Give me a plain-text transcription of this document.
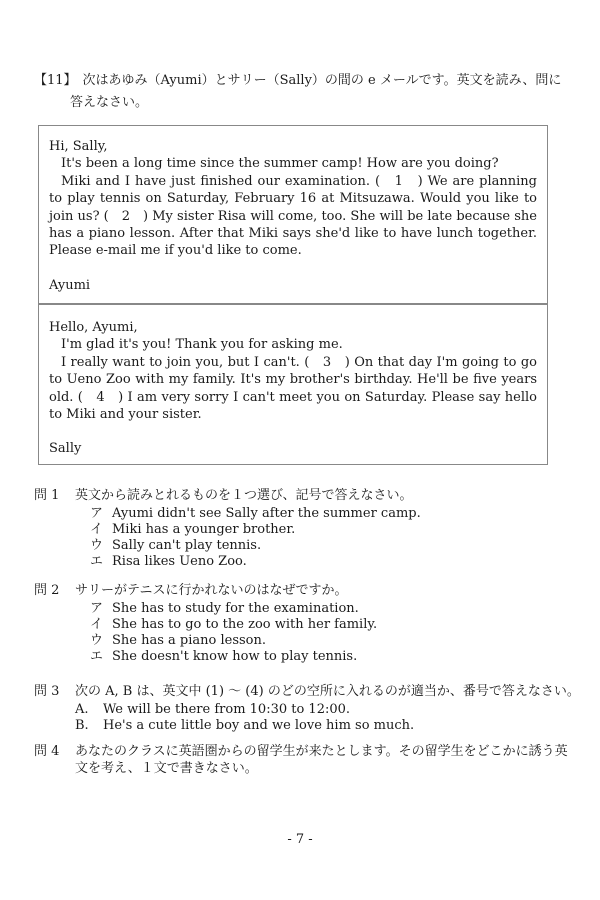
【11】 次はあゆみ（Ayumi）とサリー（Sally）の間の e メールです。英文を読み、問に
答えなさい。

Hi, Sally,

It's been a long time since the summer camp! How are you doing?

Miki and I have just finished our examination. (　1　) We are planning to play tennis on Saturday, February 16 at Mitsuzawa. Would you like to join us? (　2　) My sister Risa will come, too. She will be late because she has a piano lesson. After that Miki says she'd like to have lunch together. Please e-mail me if you'd like to come.

Ayumi

Hello, Ayumi,

I'm glad it's you! Thank you for asking me.

I really want to join you, but I can't. (　3　) On that day I'm going to go to Ueno Zoo with my family. It's my brother's birthday. He'll be five years old. (　4　) I am very sorry I can't meet you on Saturday. Please say hello to Miki and your sister.

Sally

問 1 英文から読みとれるものを１つ選び、記号で答えなさい。
ア Ayumi didn't see Sally after the summer camp.
イ Miki has a younger brother.
ウ Sally can't play tennis.
エ Risa likes Ueno Zoo.
問 2 サリーがテニスに行かれないのはなぜですか。
ア She has to study for the examination.
イ She has to go to the zoo with her family.
ウ She has a piano lesson.
エ She doesn't know how to play tennis.
問 3 次の A, B は、英文中 (1) ～ (4) のどの空所に入れるのが適当か、番号で答えなさい。
A. We will be there from 10:30 to 12:00.
B. He's a cute little boy and we love him so much.
問 4 あなたのクラスに英語圏からの留学生が来たとします。その留学生をどこかに誘う英文を考え、１文で書きなさい。
- 7 -
